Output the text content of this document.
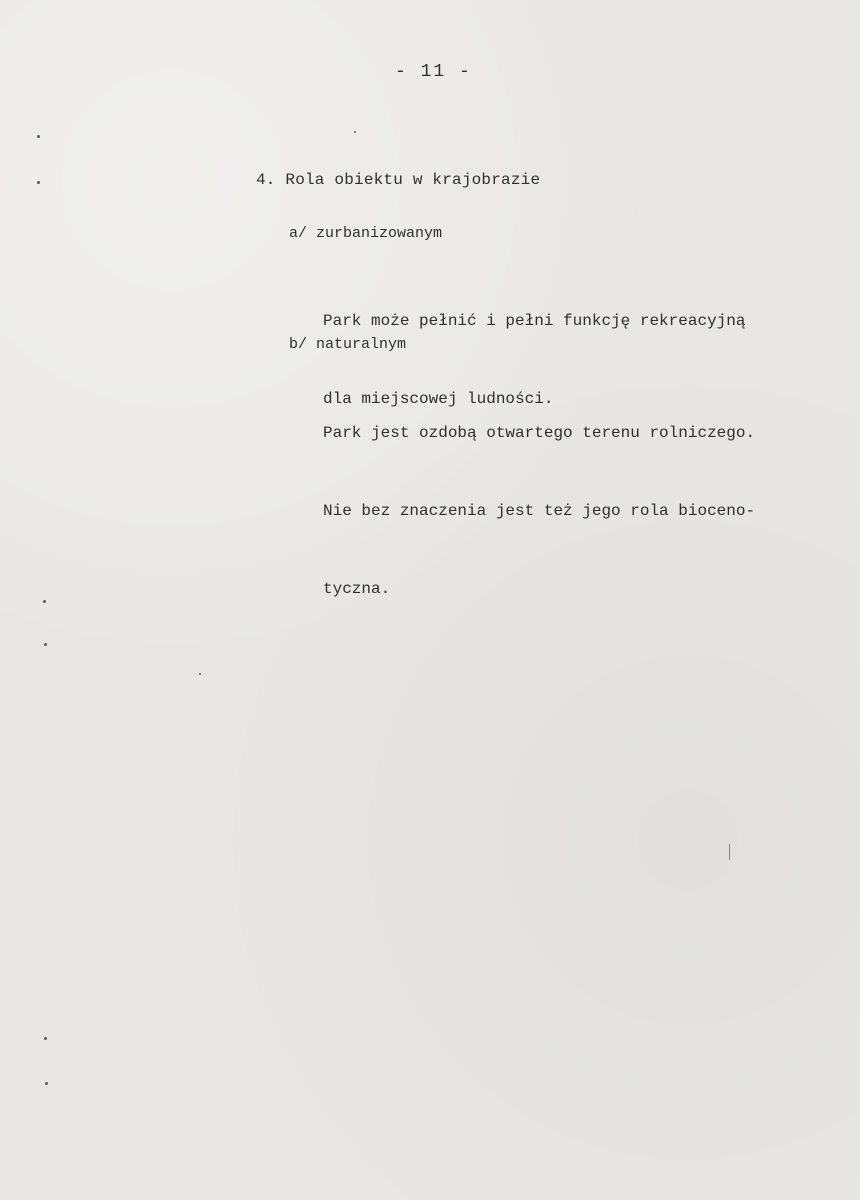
- 11 -
4. Rola obiektu w krajobrazie
a/ zurbanizowanym

Park może pełnić i pełni funkcję rekreacyjną

dla miejscowej ludności.

b/ naturalnym

Park jest ozdobą otwartego terenu rolniczego.

Nie bez znaczenia jest też jego rola biocenо-

tyczna.
